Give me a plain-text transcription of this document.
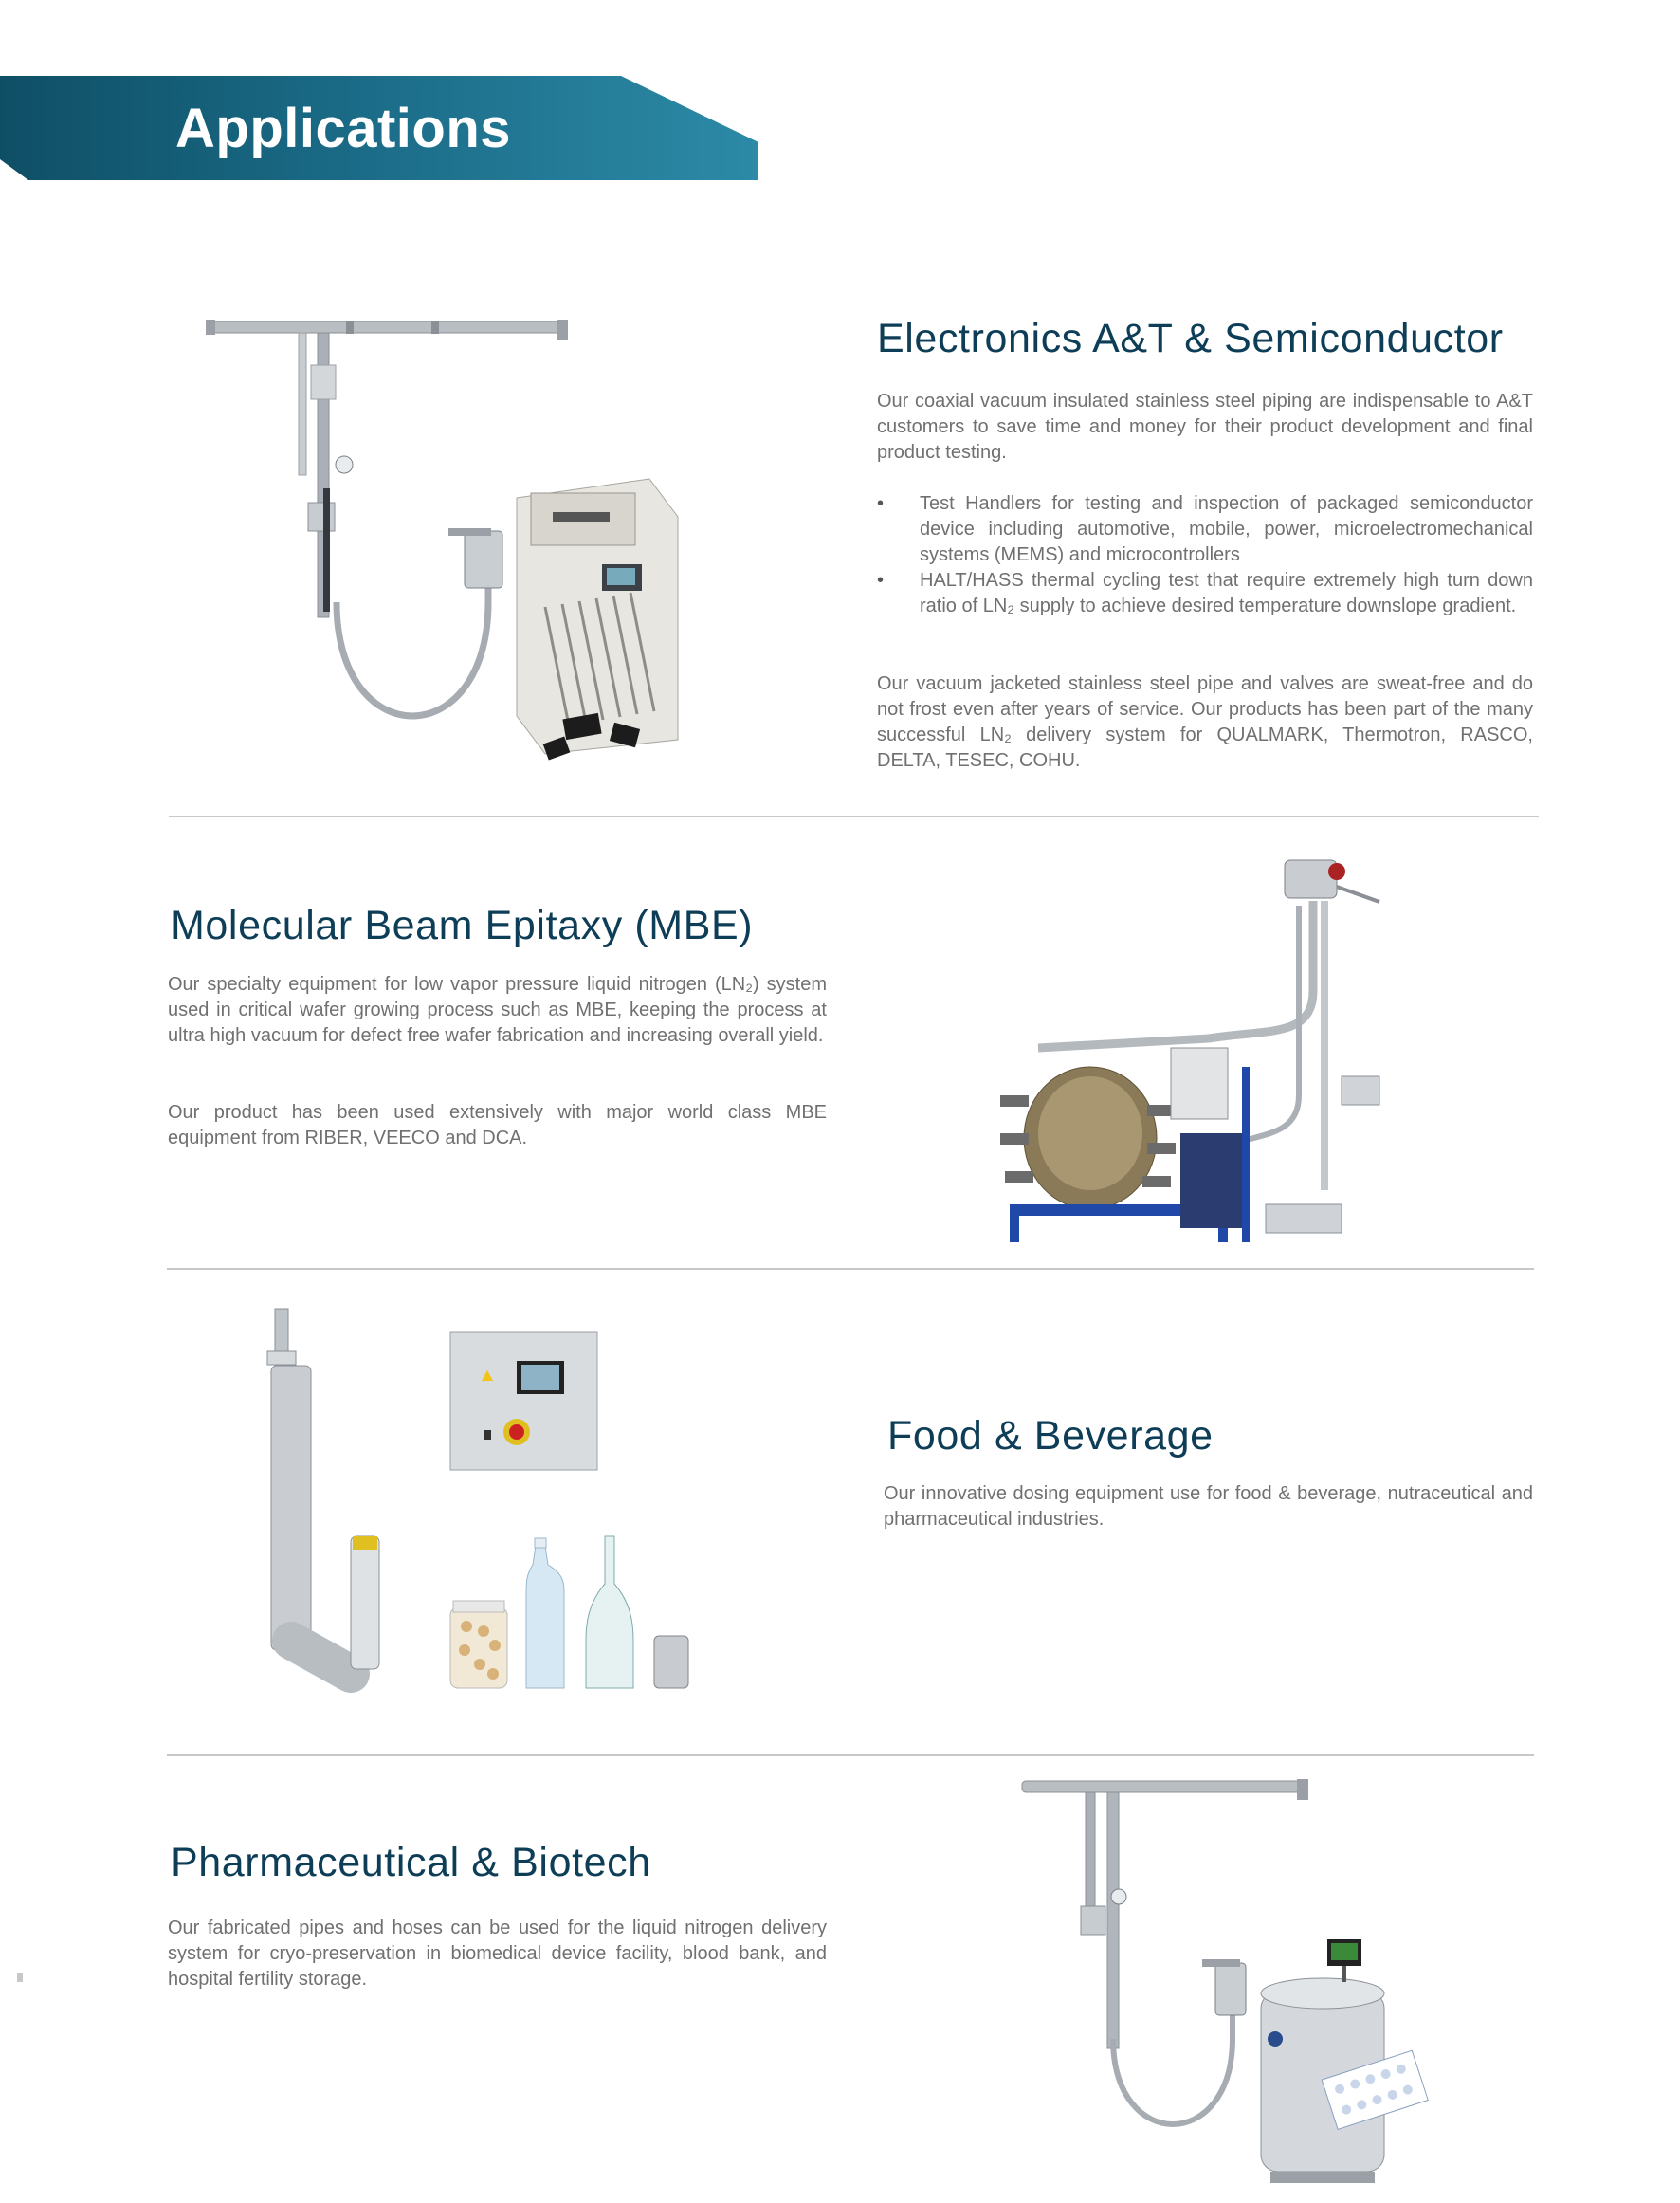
Applications
Electronics A&T & Semiconductor

Our coaxial vacuum insulated stainless steel piping are indispensable to A&T customers to save time and money for their product development and final product testing.

• Test Handlers for testing and inspection of packaged semiconductor device including automotive, mobile, power, microelectromechanical systems (MEMS) and microcontrollers
• HALT/HASS thermal cycling test that require extremely high turn down ratio of LN₂ supply to achieve desired temperature downslope gradient.

Our vacuum jacketed stainless steel pipe and valves are sweat-free and do not frost even after years of service. Our products has been part of the many successful LN₂ delivery system for QUALMARK, Thermotron, RASCO, DELTA, TESEC, COHU.

Molecular Beam Epitaxy (MBE)

Our specialty equipment for low vapor pressure liquid nitrogen (LN₂) system used in critical wafer growing process such as MBE, keeping the process at ultra high vacuum for defect free wafer fabrication and increasing overall yield.

Our product has been used extensively with major world class MBE equipment from RIBER, VEECO and DCA.

Food & Beverage

Our innovative dosing equipment use for food & beverage, nutraceutical and pharmaceutical industries.

Pharmaceutical & Biotech

Our fabricated pipes and hoses can be used for the liquid nitrogen delivery system for cryo-preservation in biomedical device facility, blood bank, and hospital fertility storage.
